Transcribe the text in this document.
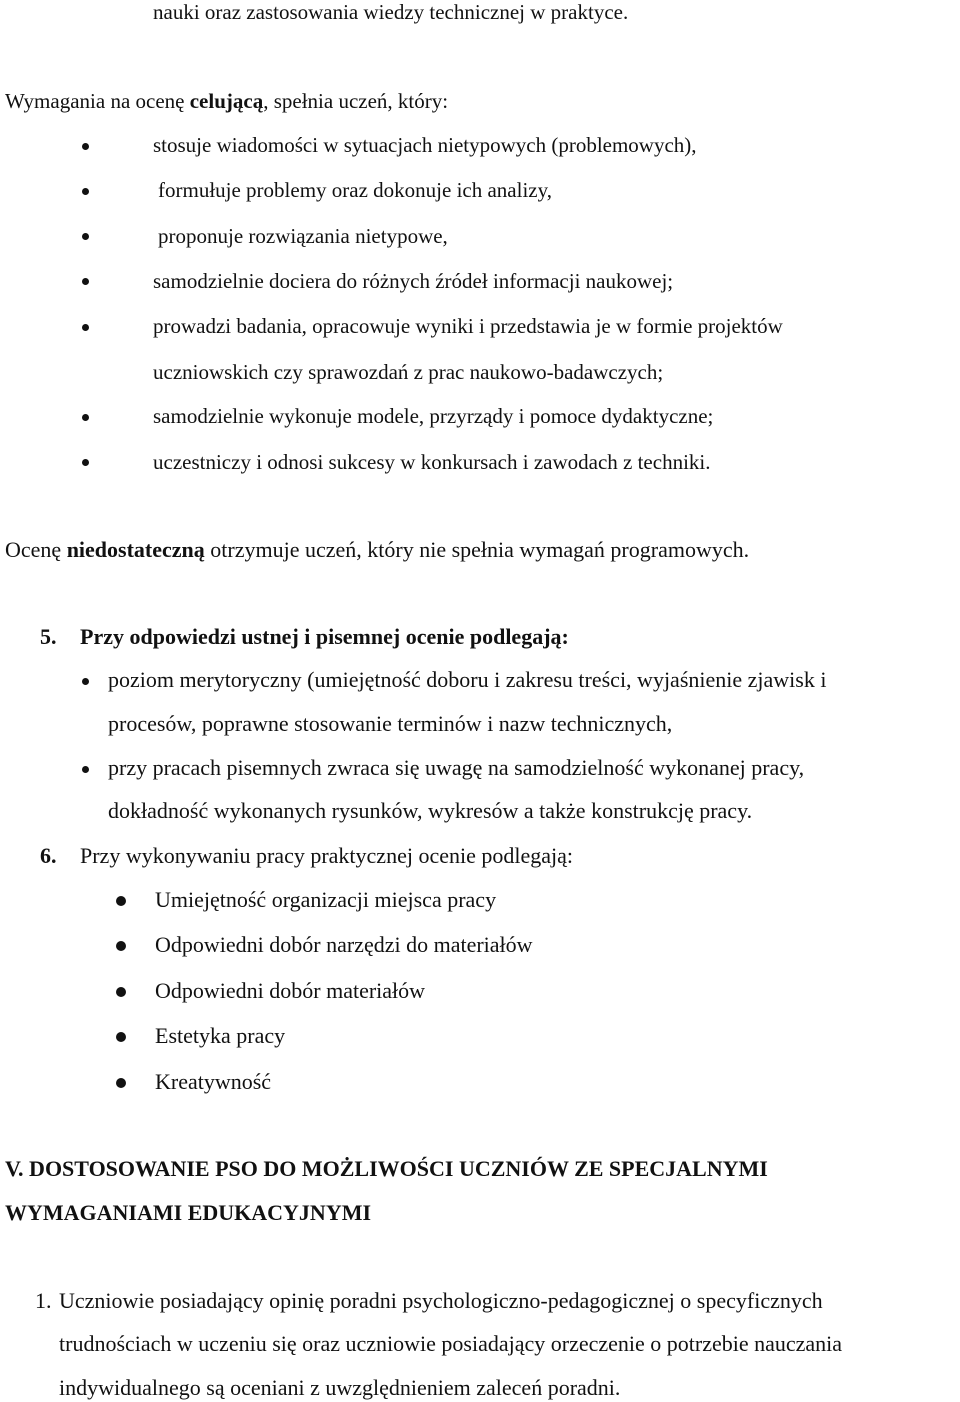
nauki oraz zastosowania wiedzy technicznej w praktyce.
Wymagania na ocenę celującą, spełnia uczeń, który:
stosuje wiadomości w sytuacjach nietypowych (problemowych),
formułuje problemy oraz dokonuje ich analizy,
proponuje rozwiązania nietypowe,
samodzielnie dociera do różnych źródeł informacji naukowej;
prowadzi badania, opracowuje wyniki i przedstawia je w formie projektów
uczniowskich czy sprawozdań z prac naukowo-badawczych;
samodzielnie wykonuje modele, przyrządy i pomoce dydaktyczne;
uczestniczy i odnosi sukcesy w konkursach i zawodach z techniki.
Ocenę niedostateczną otrzymuje uczeń, który nie spełnia wymagań programowych.
5. Przy odpowiedzi ustnej i pisemnej ocenie podlegają:
poziom merytoryczny (umiejętność doboru i zakresu treści, wyjaśnienie zjawisk i
procesów, poprawne stosowanie terminów i nazw technicznych,
przy pracach pisemnych zwraca się uwagę na samodzielność wykonanej pracy,
dokładność wykonanych rysunków, wykresów a także konstrukcję pracy.
6. Przy wykonywaniu pracy praktycznej ocenie podlegają:
Umiejętność organizacji miejsca pracy
Odpowiedni dobór narzędzi do materiałów
Odpowiedni dobór materiałów
Estetyka pracy
Kreatywność
V. DOSTOSOWANIE PSO DO MOŻLIWOŚCI UCZNIÓW ZE SPECJALNYMI
WYMAGANIAMI EDUKACYJNYMI
1. Uczniowie posiadający opinię poradni psychologiczno-pedagogicznej o specyficznych
trudnościach w uczeniu się oraz uczniowie posiadający orzeczenie o potrzebie nauczania
indywidualnego są oceniani z uwzględnieniem zaleceń poradni.
